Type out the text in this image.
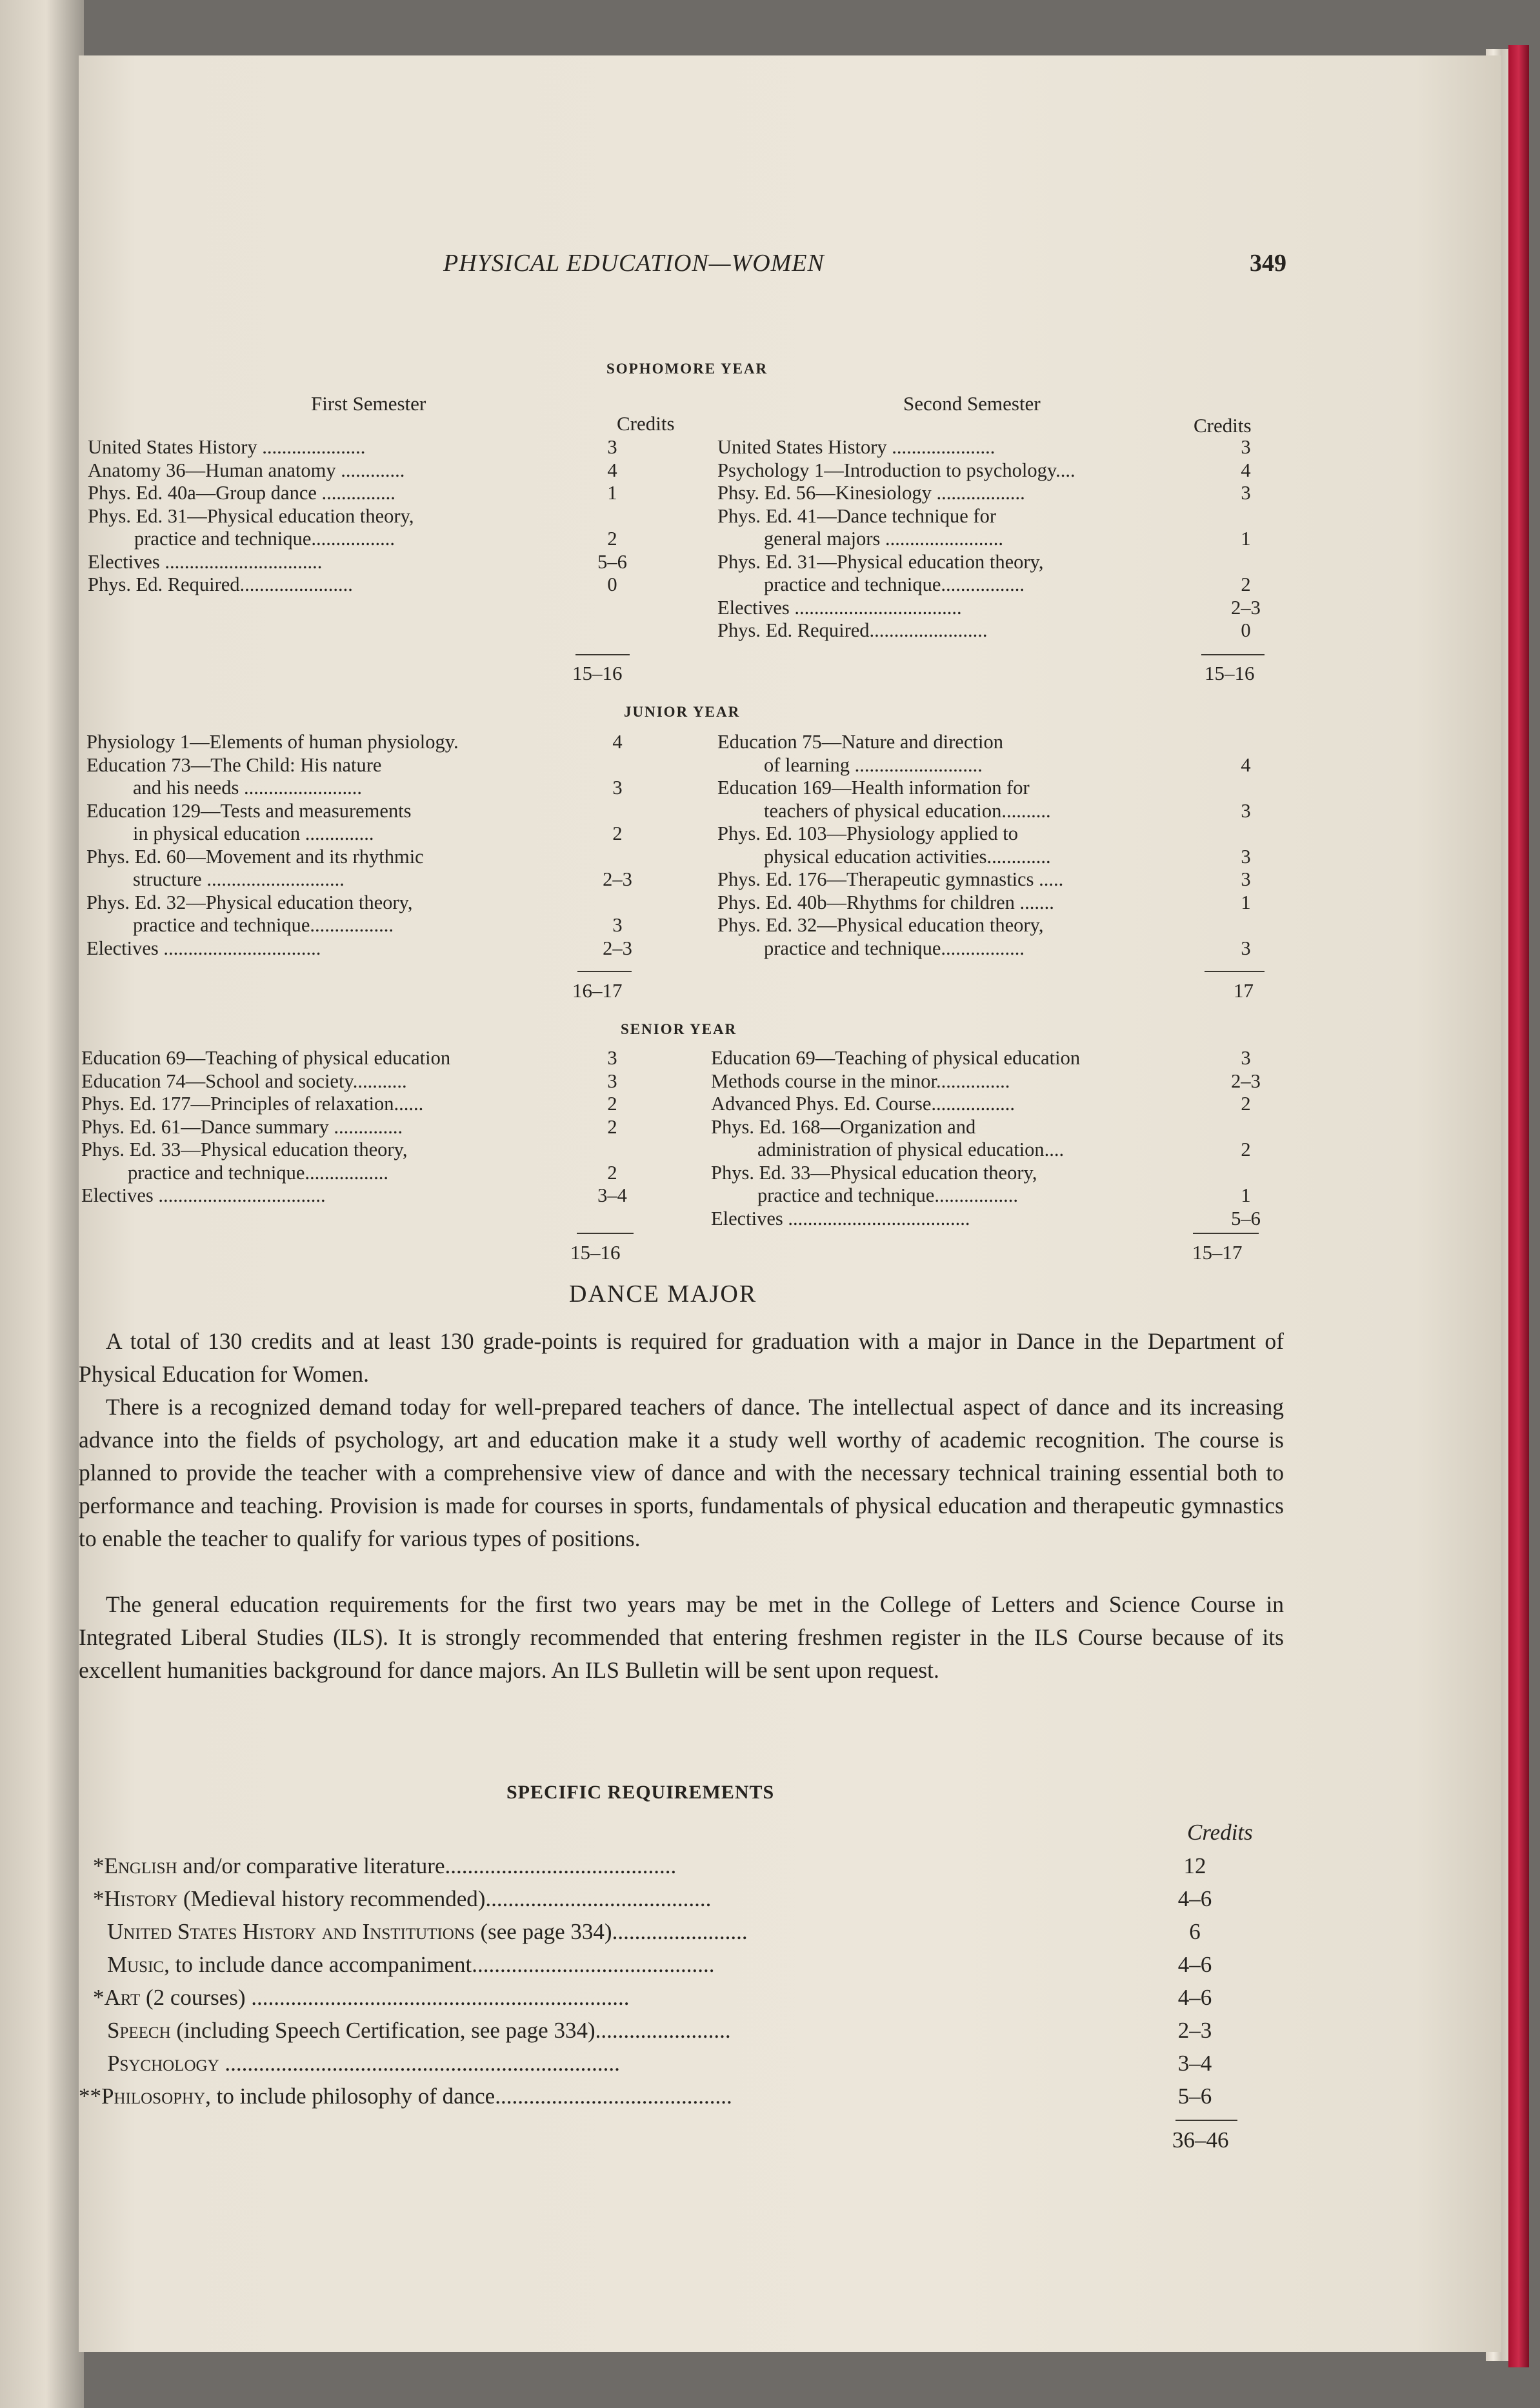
PHYSICAL EDUCATION—WOMEN	349
SOPHOMORE YEAR
First Semester	Second Semester
Credits	Credits
United States History .....................	3
Anatomy 36—Human anatomy .............	4
Phys. Ed. 40a—Group dance ...............	1
Phys. Ed. 31—Physical education theory,
practice and technique.................	2
Electives ................................	5–6
Phys. Ed. Required.......................	0
United States History .....................	3
Psychology 1—Introduction to psychology....	4
Phsy. Ed. 56—Kinesiology ..................	3
Phys. Ed. 41—Dance technique for
general majors ........................	1
Phys. Ed. 31—Physical education theory,
practice and technique.................	2
Electives ..................................	2–3
Phys. Ed. Required........................	0
15–16	15–16
JUNIOR YEAR
Physiology 1—Elements of human physiology.	4
Education 73—The Child: His nature
and his needs ........................	3
Education 129—Tests and measurements
in physical education ..............	2
Phys. Ed. 60—Movement and its rhythmic
structure ............................	2–3
Phys. Ed. 32—Physical education theory,
practice and technique.................	3
Electives ................................	2–3
Education 75—Nature and direction
of learning ..........................	4
Education 169—Health information for
teachers of physical education..........	3
Phys. Ed. 103—Physiology applied to
physical education activities.............	3
Phys. Ed. 176—Therapeutic gymnastics .....	3
Phys. Ed. 40b—Rhythms for children .......	1
Phys. Ed. 32—Physical education theory,
practice and technique.................	3
16–17	17
SENIOR YEAR
Education 69—Teaching of physical education	3
Education 74—School and society...........	3
Phys. Ed. 177—Principles of relaxation......	2
Phys. Ed. 61—Dance summary ..............	2
Phys. Ed. 33—Physical education theory,
practice and technique.................	2
Electives ..................................	3–4
Education 69—Teaching of physical education	3
Methods course in the minor...............	2–3
Advanced Phys. Ed. Course.................	2
Phys. Ed. 168—Organization and
administration of physical education....	2
Phys. Ed. 33—Physical education theory,
practice and technique.................	1
Electives .....................................	5–6
15–16	15–17
DANCE MAJOR

A total of 130 credits and at least 130 grade-points is required for graduation with a major in Dance in the Department of Physical Education for Women.

There is a recognized demand today for well-prepared teachers of dance. The intellectual aspect of dance and its increasing advance into the fields of psychology, art and education make it a study well worthy of academic recognition. The course is planned to provide the teacher with a comprehensive view of dance and with the necessary technical training essential both to performance and teaching. Provision is made for courses in sports, fundamentals of physical education and therapeutic gymnastics to enable the teacher to qualify for various types of positions.

The general education requirements for the first two years may be met in the College of Letters and Science Course in Integrated Liberal Studies (ILS). It is strongly recommended that entering freshmen register in the ILS Course because of its excellent humanities background for dance majors. An ILS Bulletin will be sent upon request.

SPECIFIC REQUIREMENTS
Credits
*English and/or comparative literature.........................................	12
*History (Medieval history recommended)........................................	4–6
United States History and Institutions (see page 334)........................	6
Music, to include dance accompaniment...........................................	4–6
*Art (2 courses) ...................................................................	4–6
Speech (including Speech Certification, see page 334)........................	2–3
Psychology ......................................................................	3–4
**Philosophy, to include philosophy of dance..........................................	5–6
36–46
